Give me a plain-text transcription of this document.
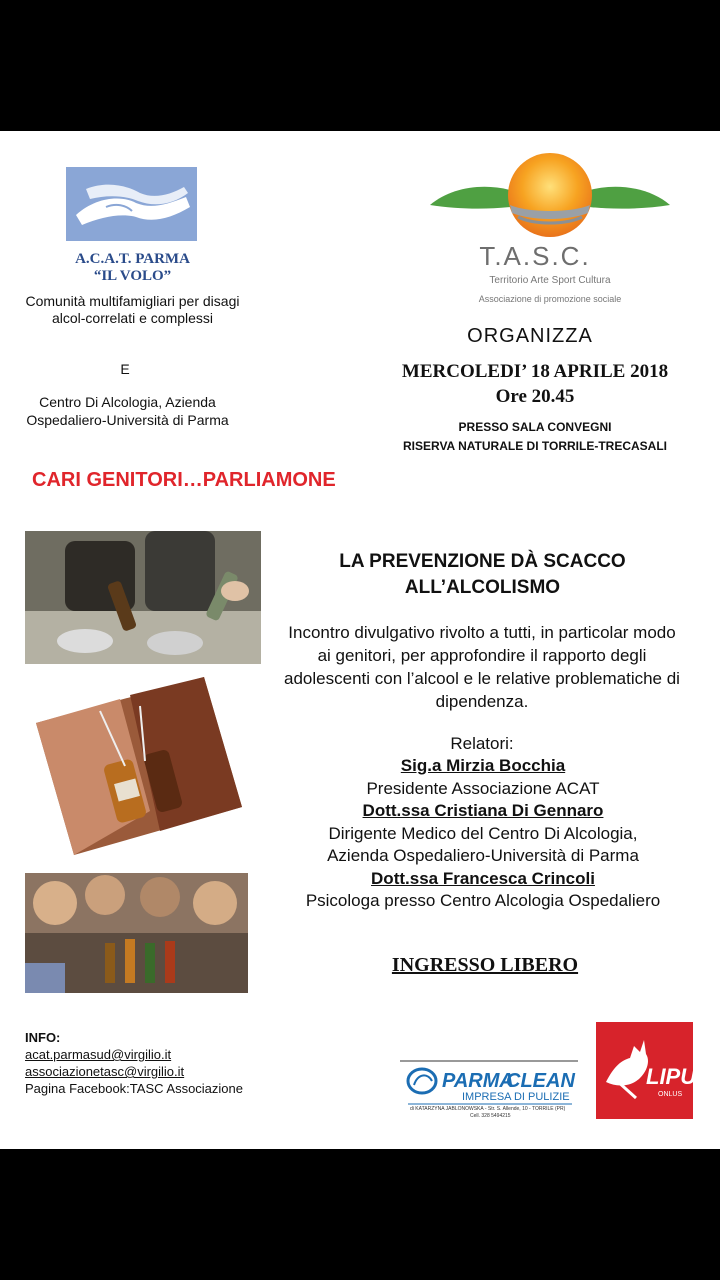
A.C.A.T. PARMA
“IL VOLO”
Comunità multifamigliari per disagi alcol-correlati e complessi
E
Centro Di Alcologia, Azienda Ospedaliero-Università di Parma
CARI GENITORI…PARLIAMONE
T.A.S.C.
Territorio Arte Sport Cultura
Associazione di promozione sociale
ORGANIZZA
MERCOLEDI’ 18 APRILE 2018
Ore 20.45
PRESSO SALA CONVEGNI
RISERVA NATURALE DI TORRILE-TRECASALI
LA PREVENZIONE DÀ SCACCO
ALL’ALCOLISMO
Incontro divulgativo rivolto a tutti, in particolar modo ai genitori, per approfondire il rapporto degli adolescenti con l’alcool e le relative problematiche di dipendenza.
Relatori:
Sig.a Mirzia Bocchia
Presidente Associazione ACAT
Dott.ssa Cristiana Di Gennaro
Dirigente Medico del Centro Di Alcologia,
Azienda Ospedaliero-Università di Parma
Dott.ssa Francesca Crincoli
Psicologa presso Centro Alcologia Ospedaliero
INGRESSO LIBERO
INFO:
acat.parmasud@virgilio.it
associazionetasc@virgilio.it
Pagina Facebook:TASC Associazione	PARMA
CLEAN
IMPRESA DI PULIZIE
di KATARZYNA JABLONOWSKA - Str. S. Allende, 10 - TORRILE (PR)
Cell. 328 5494215
LIPU
ONLUS
